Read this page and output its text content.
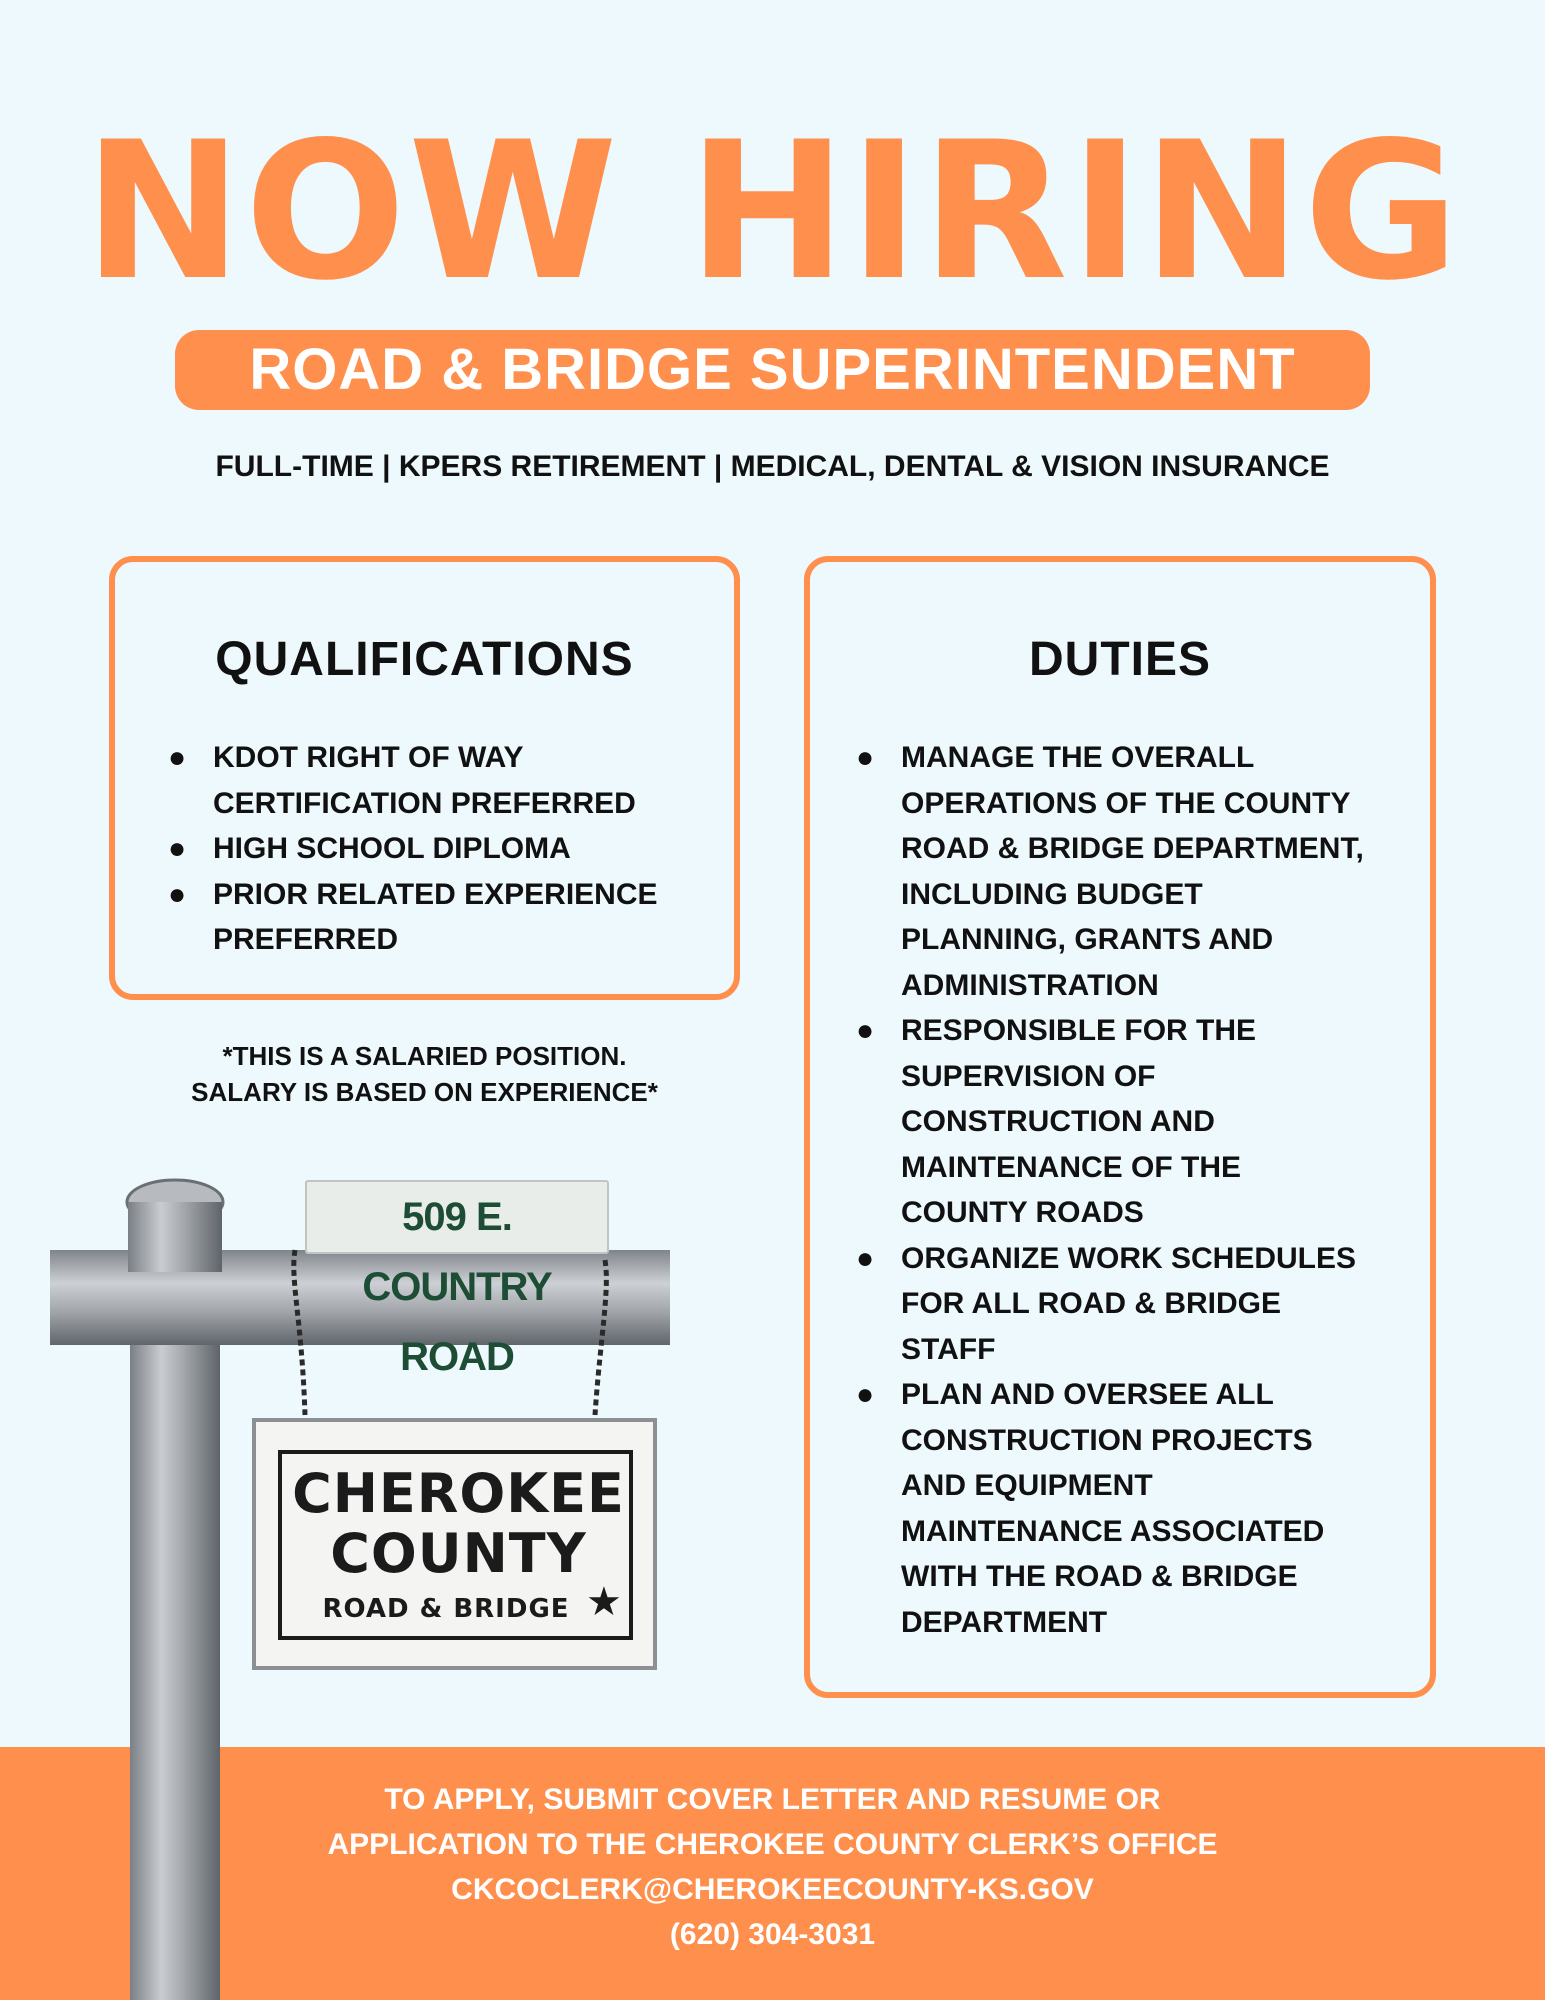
NOW HIRING
ROAD & BRIDGE SUPERINTENDENT
FULL-TIME | KPERS RETIREMENT | MEDICAL, DENTAL & VISION INSURANCE
QUALIFICATIONS
● KDOT RIGHT OF WAY
CERTIFICATION PREFERRED
● HIGH SCHOOL DIPLOMA
● PRIOR RELATED EXPERIENCE
PREFERRED
*THIS IS A SALARIED POSITION.
SALARY IS BASED ON EXPERIENCE*
DUTIES
● MANAGE THE OVERALL
OPERATIONS OF THE COUNTY
ROAD & BRIDGE DEPARTMENT,
INCLUDING BUDGET
PLANNING, GRANTS AND
ADMINISTRATION
● RESPONSIBLE FOR THE
SUPERVISION OF
CONSTRUCTION AND
MAINTENANCE OF THE
COUNTY ROADS
● ORGANIZE WORK SCHEDULES
FOR ALL ROAD & BRIDGE
STAFF
● PLAN AND OVERSEE ALL
CONSTRUCTION PROJECTS
AND EQUIPMENT
MAINTENANCE ASSOCIATED
WITH THE ROAD & BRIDGE
DEPARTMENT
509 E. COUNTRY ROAD
CHEROKEE
COUNTY
ROAD & BRIDGE ★
TO APPLY, SUBMIT COVER LETTER AND RESUME OR
APPLICATION TO THE CHEROKEE COUNTY CLERK’S OFFICE
CKCOCLERK@CHEROKEECOUNTY-KS.GOV
(620) 304-3031
